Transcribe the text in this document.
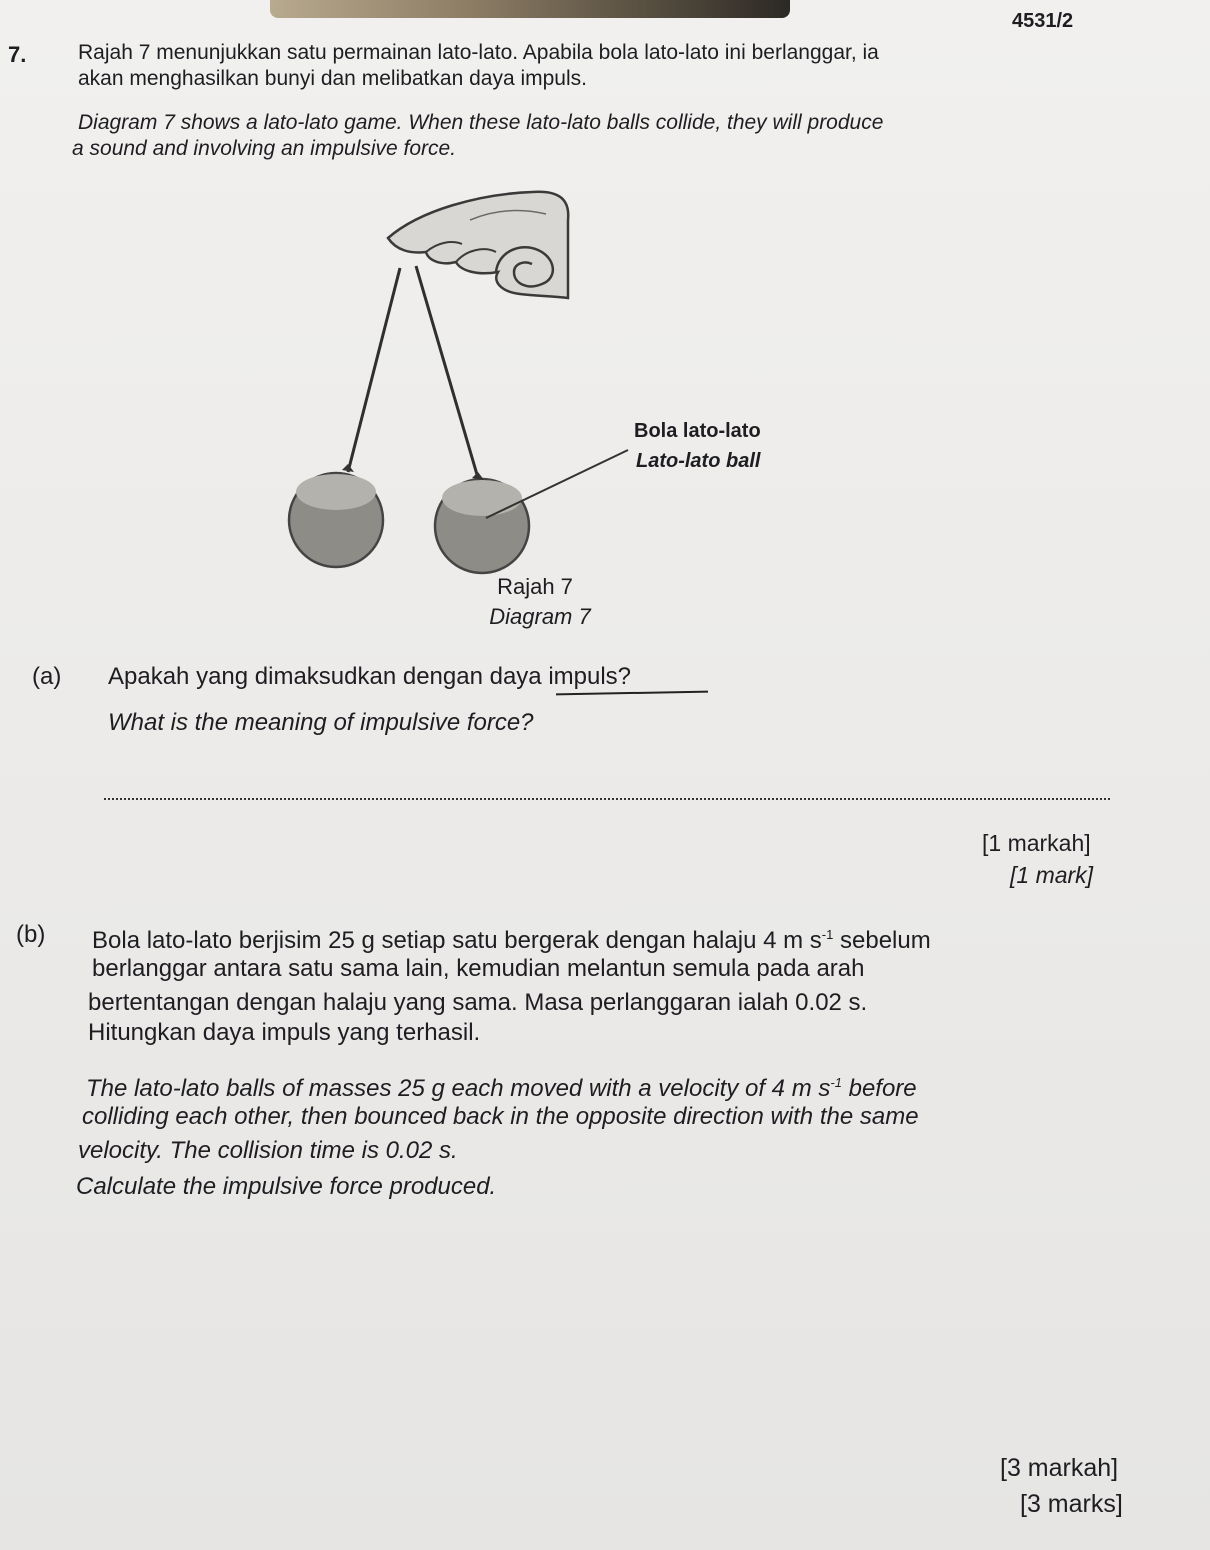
4531/2
7. Rajah 7 menunjukkan satu permainan lato-lato. Apabila bola lato-lato ini berlanggar, ia
akan menghasilkan bunyi dan melibatkan daya impuls.
Diagram 7 shows a lato-lato game. When these lato-lato balls collide, they will produce
a sound and involving an impulsive force.
Bola lato-lato
Lato-lato ball
Rajah 7
Diagram 7
(a) Apakah yang dimaksudkan dengan daya impuls?
What is the meaning of impulsive force?
[1 markah]
[1 mark]
(b) Bola lato-lato berjisim 25 g setiap satu bergerak dengan halaju 4 m $s^{-1}$ sebelum
berlanggar antara satu sama lain, kemudian melantun semula pada arah
bertentangan dengan halaju yang sama. Masa perlanggaran ialah 0.02 s.
Hitungkan daya impuls yang terhasil.
The lato-lato balls of masses 25 g each moved with a velocity of 4 m $s^{-1}$ before
colliding each other, then bounced back in the opposite direction with the same
velocity. The collision time is 0.02 s.
Calculate the impulsive force produced.
[3 markah]
[3 marks]
